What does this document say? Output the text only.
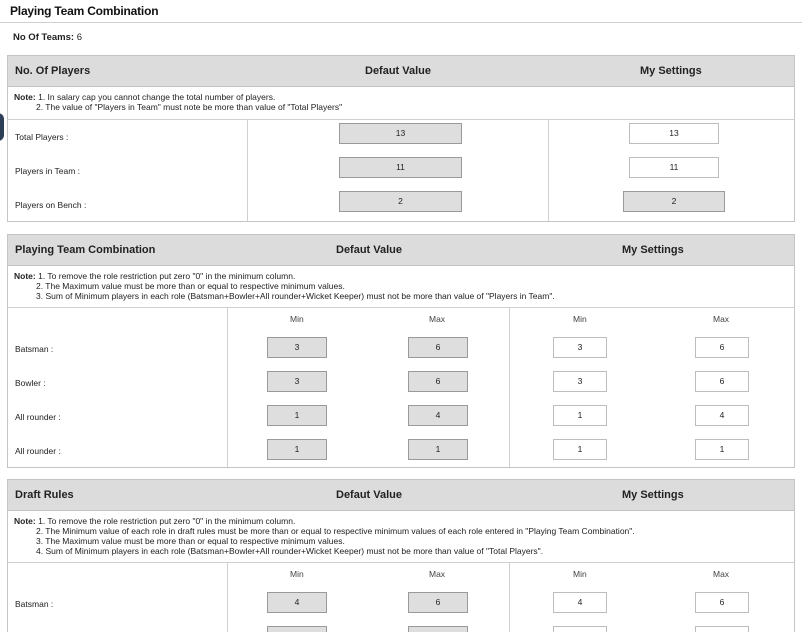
Playing Team Combination
No Of Teams: 6
No. Of Players	Defaut Value	My Settings
Note: 1. In salary cap you cannot change the total number of players.
2. The value of "Players in Team" must note be more than value of "Total Players"
Total Players :	13	13
Players in Team :	11	11
Players on Bench :	2	2
Playing Team Combination	Defaut Value	My Settings
Note: 1. To remove the role restriction put zero "0" in the minimum column.
2. The Maximum value must be more than or equal to respective minimum values.
3. Sum of Minimum players in each role (Batsman+Bowler+All rounder+Wicket Keeper) must not be more than value of "Players in Team".
Min	Max	Min	Max
Batsman :	3	6	3	6
Bowler :	3	6	3	6
All rounder :	1	4	1	4
All rounder :	1	1	1	1
Draft Rules	Defaut Value	My Settings
Note: 1. To remove the role restriction put zero "0" in the minimum column.
2. The Minimum value of each role in draft rules must be more than or equal to respective minimum values of each role entered in "Playing Team Combination".
3. The Maximum value must be more than or equal to respective minimum values.
4. Sum of Minimum players in each role (Batsman+Bowler+All rounder+Wicket Keeper) must not be more than value of "Total Players".
Min	Max	Min	Max
Batsman :	4	6	4	6
